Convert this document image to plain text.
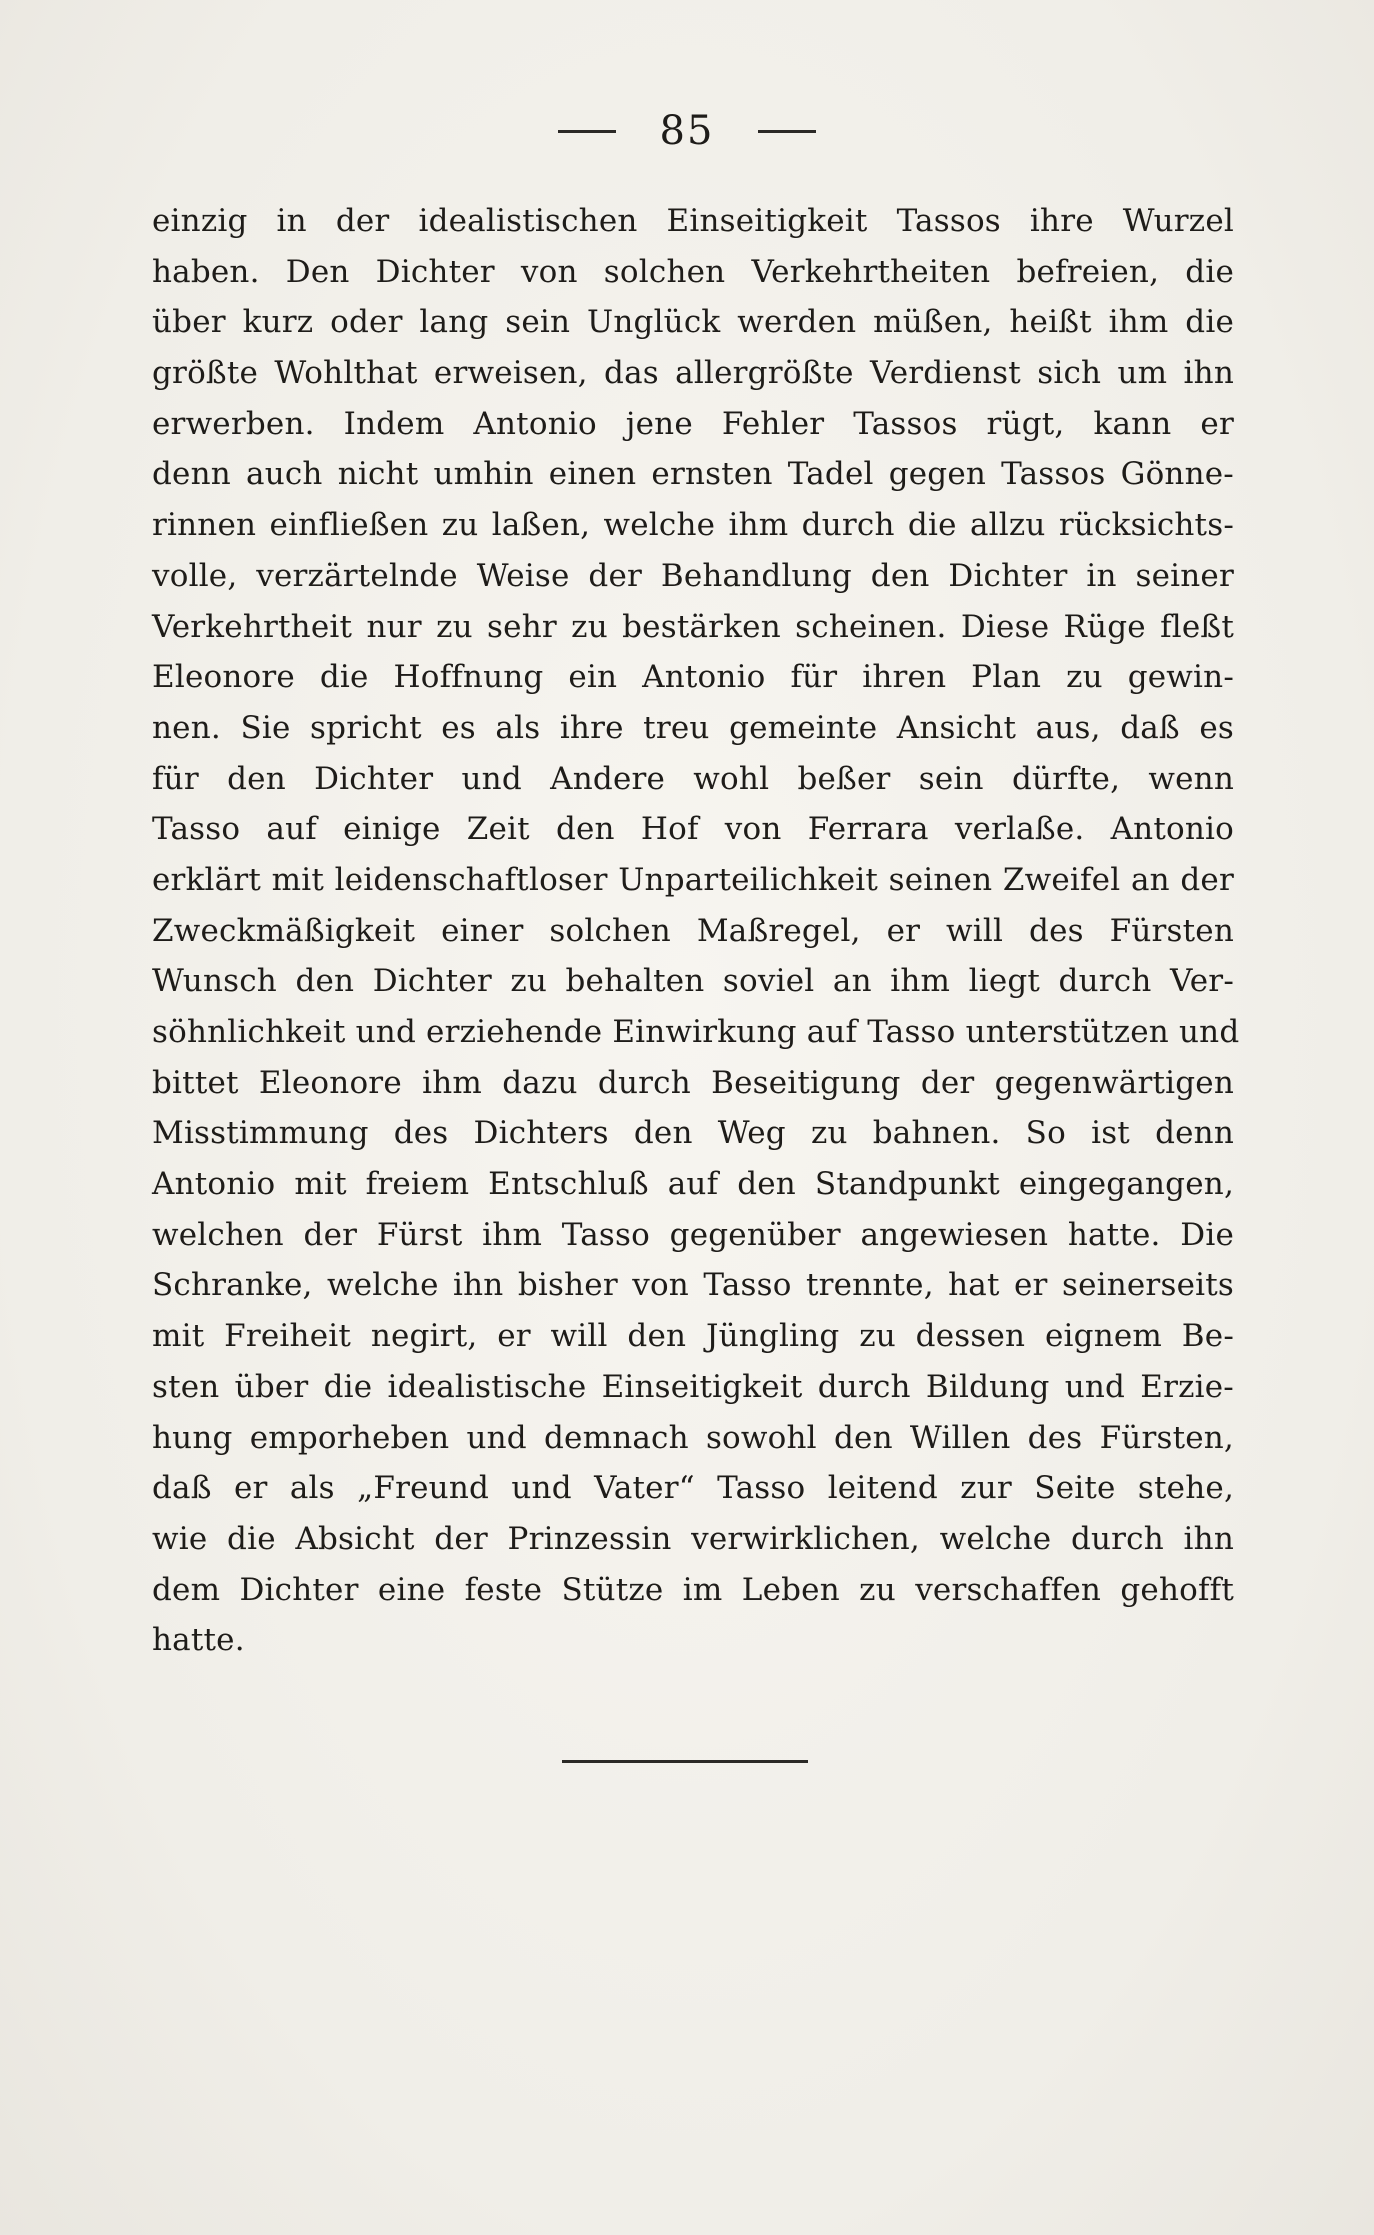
85
einzig in der idealistischen Einseitigkeit Tassos ihre Wurzel
haben. Den Dichter von solchen Verkehrtheiten befreien, die
über kurz oder lang sein Unglück werden müßen, heißt ihm die
größte Wohlthat erweisen, das allergrößte Verdienst sich um ihn
erwerben. Indem Antonio jene Fehler Tassos rügt, kann er
denn auch nicht umhin einen ernsten Tadel gegen Tassos Gönne-
rinnen einfließen zu laßen, welche ihm durch die allzu rücksichts-
volle, verzärtelnde Weise der Behandlung den Dichter in seiner
Verkehrtheit nur zu sehr zu bestärken scheinen. Diese Rüge fleßt
Eleonore die Hoffnung ein Antonio für ihren Plan zu gewin-
nen. Sie spricht es als ihre treu gemeinte Ansicht aus, daß es
für den Dichter und Andere wohl beßer sein dürfte, wenn
Tasso auf einige Zeit den Hof von Ferrara verlaße. Antonio
erklärt mit leidenschaftloser Unparteilichkeit seinen Zweifel an der
Zweckmäßigkeit einer solchen Maßregel, er will des Fürsten
Wunsch den Dichter zu behalten soviel an ihm liegt durch Ver-
söhnlichkeit und erziehende Einwirkung auf Tasso unterstützen und
bittet Eleonore ihm dazu durch Beseitigung der gegenwärtigen
Misstimmung des Dichters den Weg zu bahnen. So ist denn
Antonio mit freiem Entschluß auf den Standpunkt eingegangen,
welchen der Fürst ihm Tasso gegenüber angewiesen hatte. Die
Schranke, welche ihn bisher von Tasso trennte, hat er seinerseits
mit Freiheit negirt, er will den Jüngling zu dessen eignem Be-
sten über die idealistische Einseitigkeit durch Bildung und Erzie-
hung emporheben und demnach sowohl den Willen des Fürsten,
daß er als „Freund und Vater“ Tasso leitend zur Seite stehe,
wie die Absicht der Prinzessin verwirklichen, welche durch ihn
dem Dichter eine feste Stütze im Leben zu verschaffen gehofft
hatte.
